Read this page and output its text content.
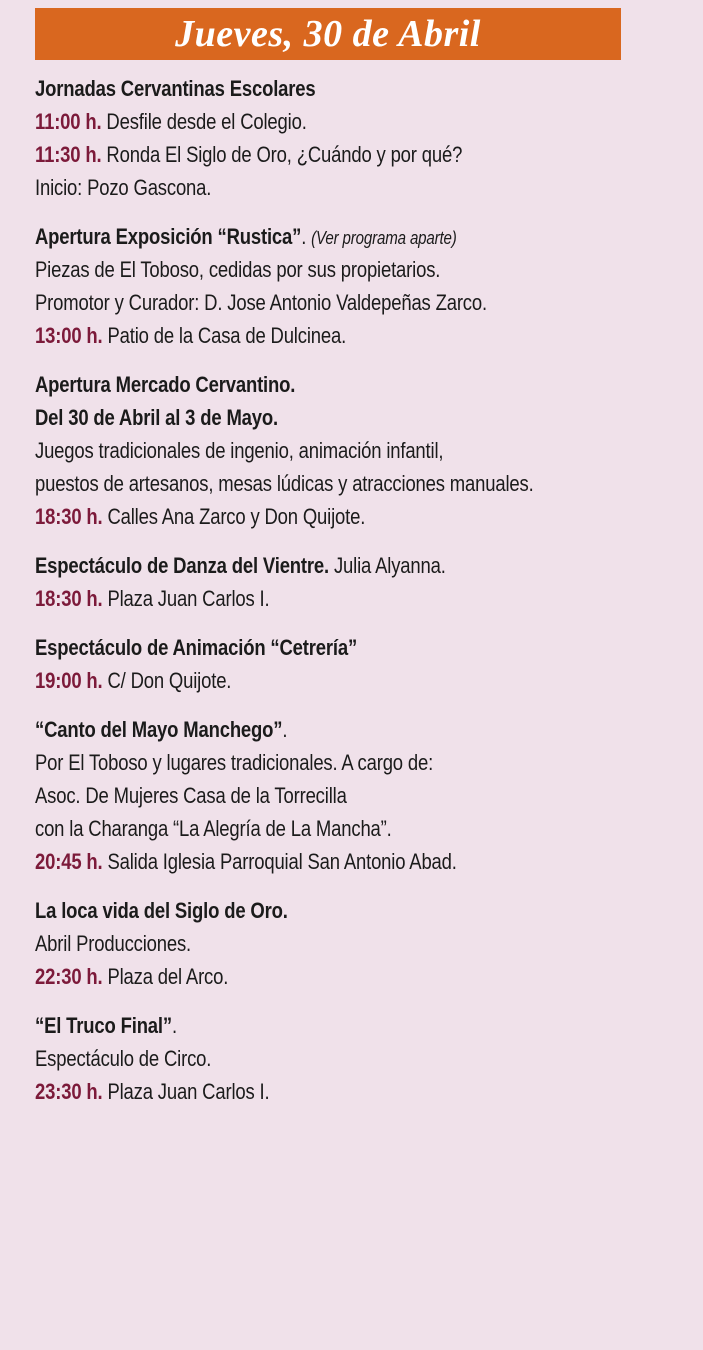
Jueves, 30 de Abril
Jornadas Cervantinas Escolares
11:00 h. Desfile desde el Colegio.
11:30 h. Ronda El Siglo de Oro, ¿Cuándo y por qué?
Inicio: Pozo Gascona.
Apertura Exposición “Rustica”. (Ver programa aparte)
Piezas de El Toboso, cedidas por sus propietarios.
Promotor y Curador: D. Jose Antonio Valdepeñas Zarco.
13:00 h. Patio de la Casa de Dulcinea.
Apertura Mercado Cervantino.
Del 30 de Abril al 3 de Mayo.
Juegos tradicionales de ingenio, animación infantil,
puestos de artesanos, mesas lúdicas y atracciones manuales.
18:30 h. Calles Ana Zarco y Don Quijote.
Espectáculo de Danza del Vientre. Julia Alyanna.
18:30 h. Plaza Juan Carlos I.
Espectáculo de Animación “Cetrería”
19:00 h. C/ Don Quijote.
“Canto del Mayo Manchego”.
Por El Toboso y lugares tradicionales. A cargo de:
Asoc. De Mujeres Casa de la Torrecilla
con la Charanga “La Alegría de La Mancha”.
20:45 h. Salida Iglesia Parroquial San Antonio Abad.
La loca vida del Siglo de Oro.
Abril Producciones.
22:30 h. Plaza del Arco.
“El Truco Final”.
Espectáculo de Circo.
23:30 h. Plaza Juan Carlos I.
